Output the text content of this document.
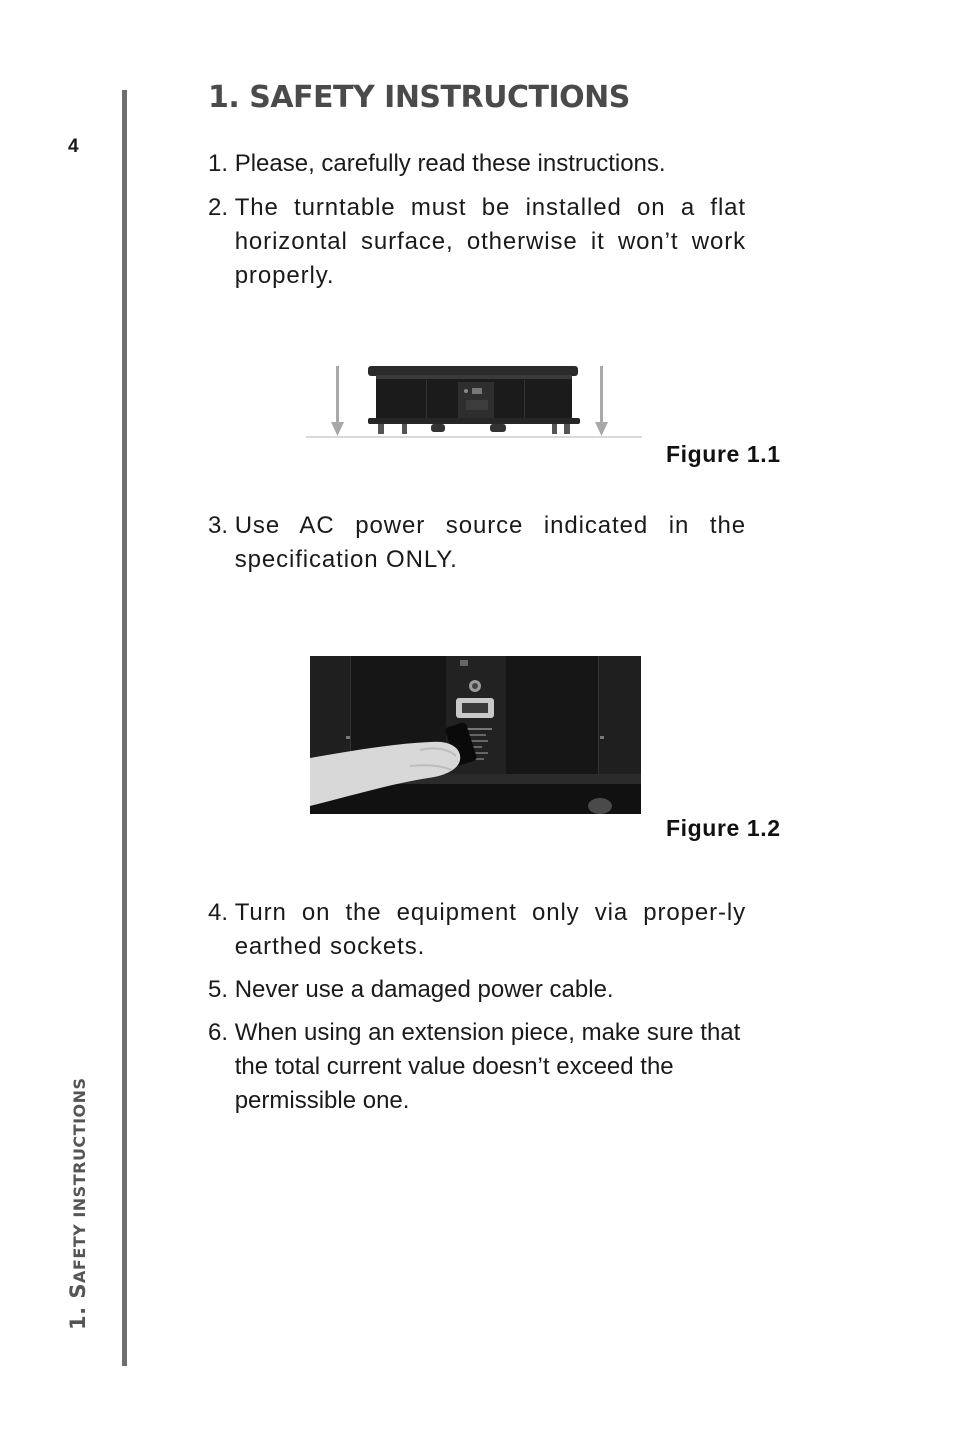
4
1. SAFETY INSTRUCTIONS
1. SAFETY INSTRUCTIONS
1. Please, carefully read these instructions.
2. The turntable must be installed on a flat horizontal surface, otherwise it won’t work properly.
Figure 1.1
3. Use AC power source indicated in the specification ONLY.
Figure 1.2
4. Turn on the equipment only via proper-ly earthed sockets.
5. Never use a damaged power cable.
6. When using an extension piece, make sure that the total current value doesn’t exceed the permissible one.
